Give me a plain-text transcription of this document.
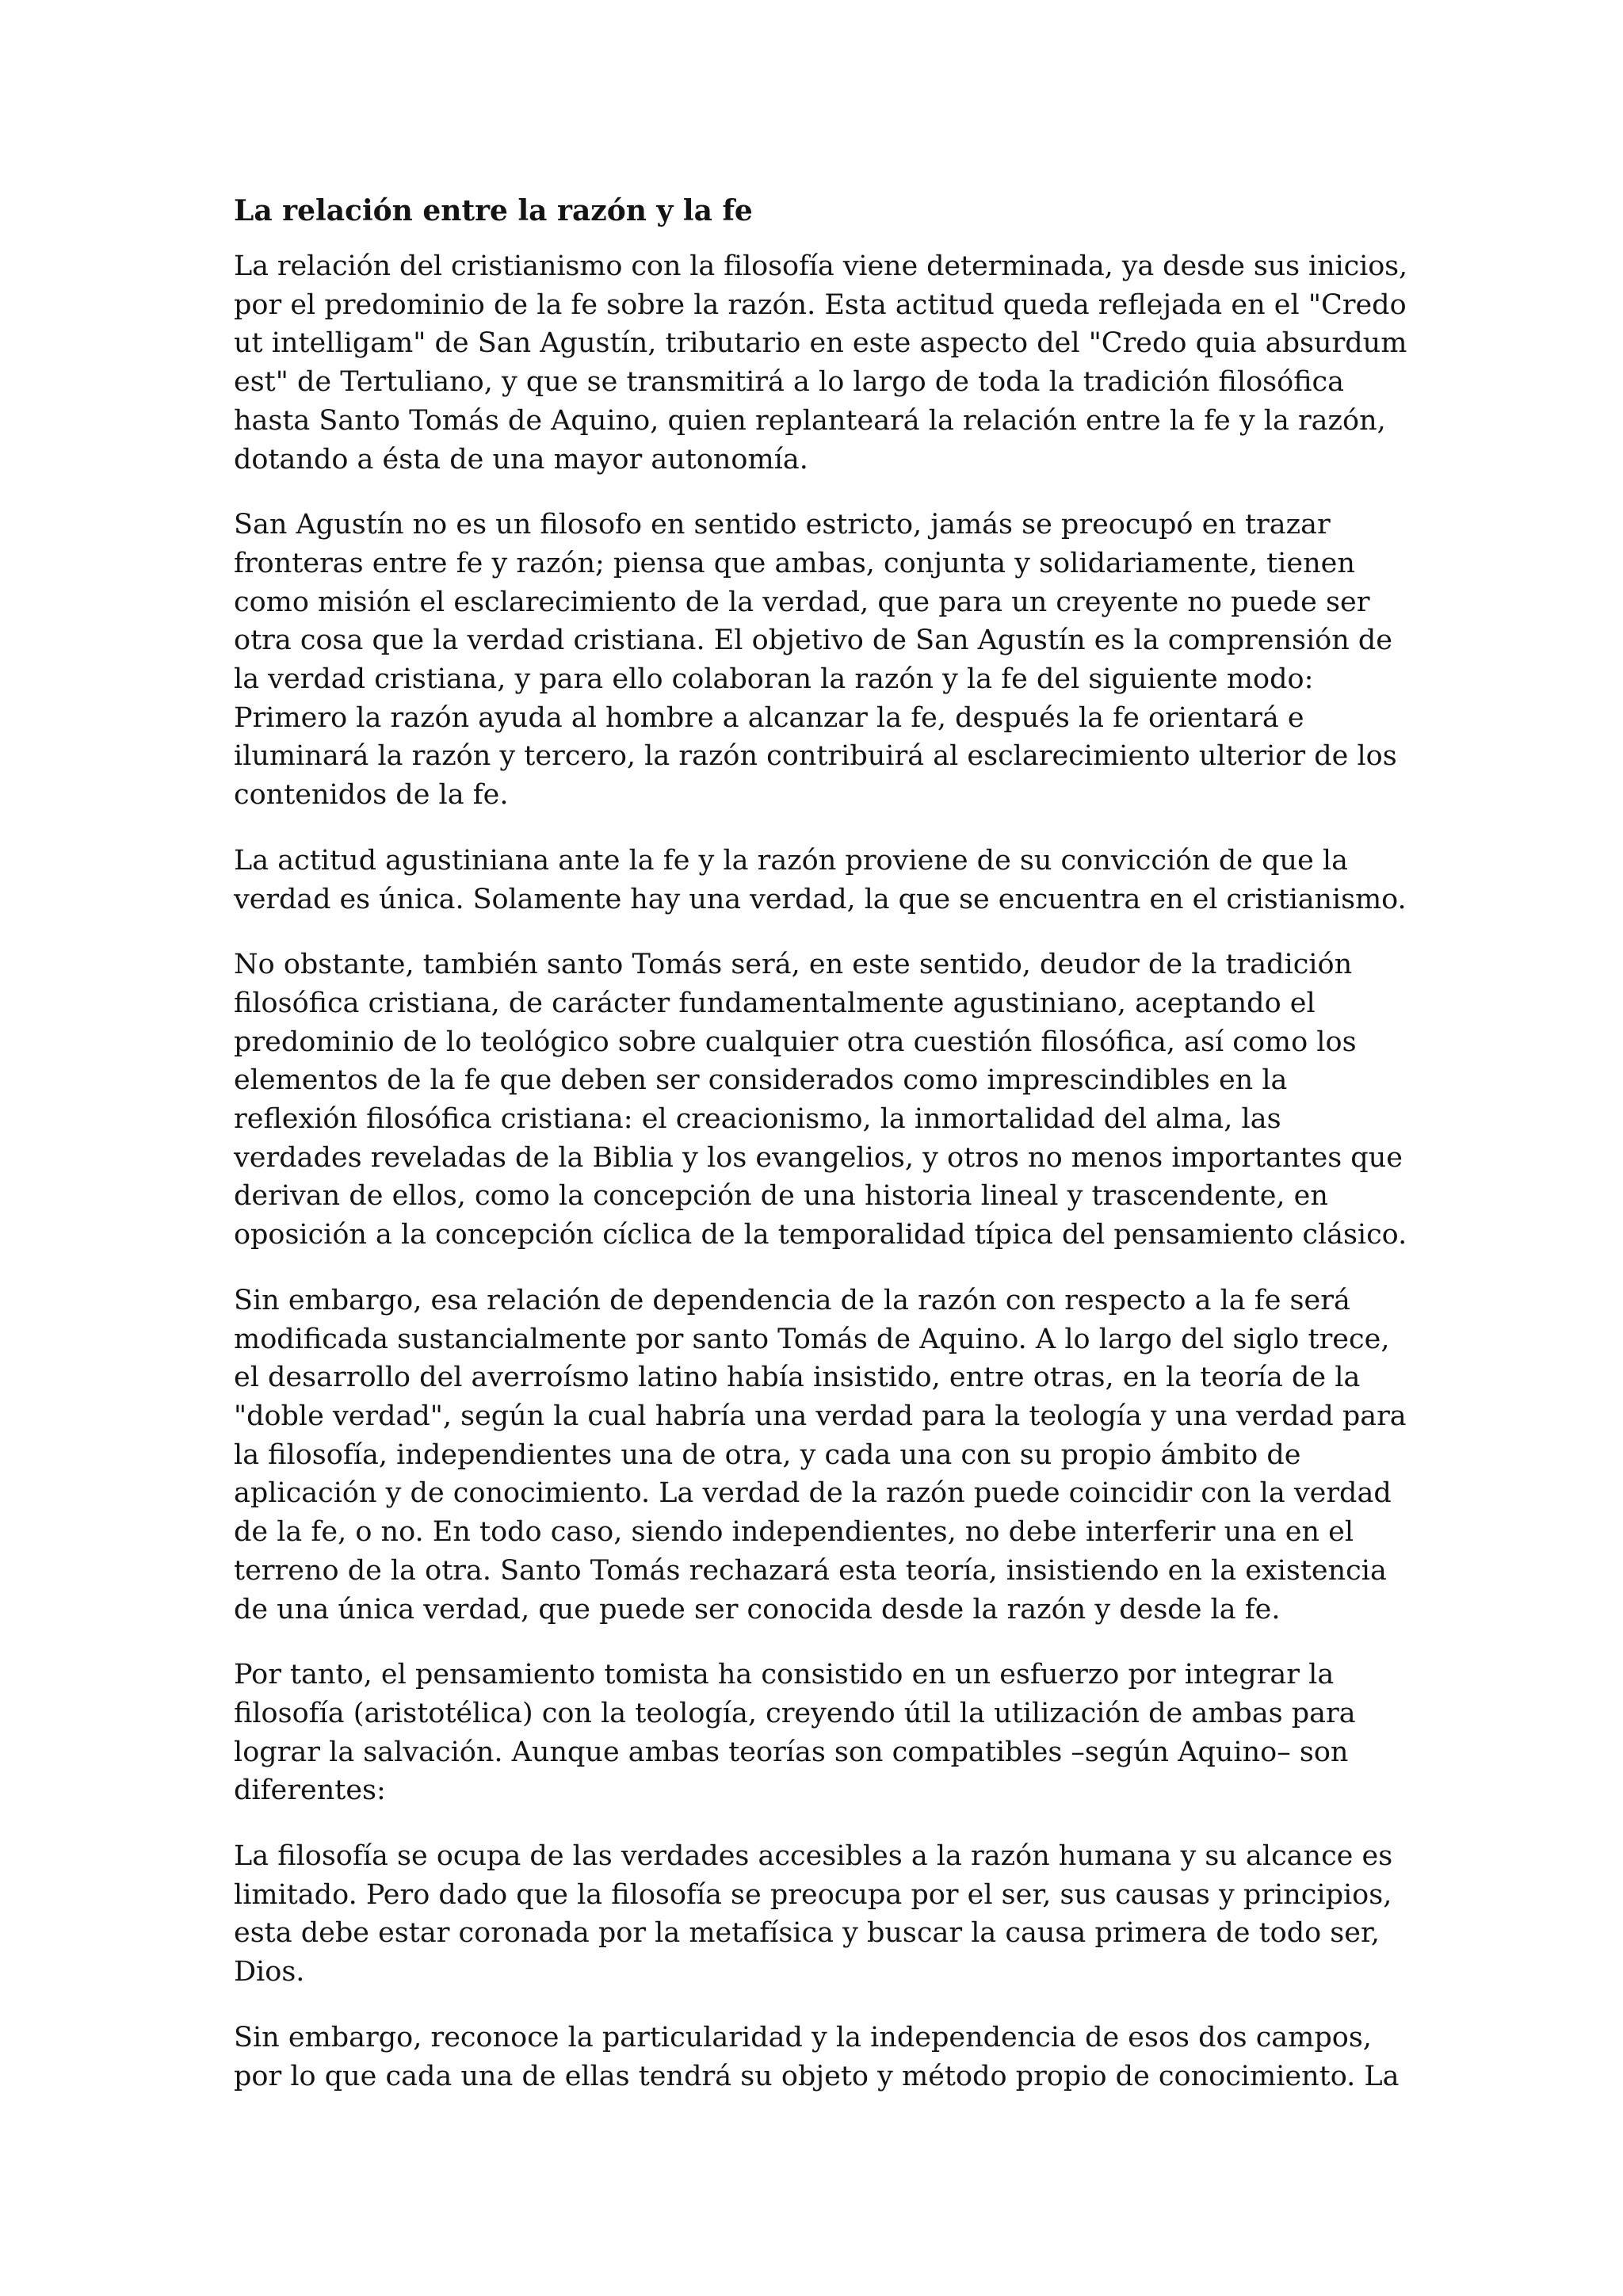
La relación entre la razón y la fe

La relación del cristianismo con la filosofía viene determinada, ya desde sus inicios,
por el predominio de la fe sobre la razón. Esta actitud queda reflejada en el "Credo
ut intelligam" de San Agustín, tributario en este aspecto del "Credo quia absurdum
est" de Tertuliano, y que se transmitirá a lo largo de toda la tradición filosófica
hasta Santo Tomás de Aquino, quien replanteará la relación entre la fe y la razón,
dotando a ésta de una mayor autonomía.

San Agustín no es un filosofo en sentido estricto, jamás se preocupó en trazar
fronteras entre fe y razón; piensa que ambas, conjunta y solidariamente, tienen
como misión el esclarecimiento de la verdad, que para un creyente no puede ser
otra cosa que la verdad cristiana. El objetivo de San Agustín es la comprensión de
la verdad cristiana, y para ello colaboran la razón y la fe del siguiente modo:
Primero la razón ayuda al hombre a alcanzar la fe, después la fe orientará e
iluminará la razón y tercero, la razón contribuirá al esclarecimiento ulterior de los
contenidos de la fe.

La actitud agustiniana ante la fe y la razón proviene de su convicción de que la
verdad es única. Solamente hay una verdad, la que se encuentra en el cristianismo.

No obstante, también santo Tomás será, en este sentido, deudor de la tradición
filosófica cristiana, de carácter fundamentalmente agustiniano, aceptando el
predominio de lo teológico sobre cualquier otra cuestión filosófica, así como los
elementos de la fe que deben ser considerados como imprescindibles en la
reflexión filosófica cristiana: el creacionismo, la inmortalidad del alma, las
verdades reveladas de la Biblia y los evangelios, y otros no menos importantes que
derivan de ellos, como la concepción de una historia lineal y trascendente, en
oposición a la concepción cíclica de la temporalidad típica del pensamiento clásico.

Sin embargo, esa relación de dependencia de la razón con respecto a la fe será
modificada sustancialmente por santo Tomás de Aquino. A lo largo del siglo trece,
el desarrollo del averroísmo latino había insistido, entre otras, en la teoría de la
"doble verdad", según la cual habría una verdad para la teología y una verdad para
la filosofía, independientes una de otra, y cada una con su propio ámbito de
aplicación y de conocimiento. La verdad de la razón puede coincidir con la verdad
de la fe, o no. En todo caso, siendo independientes, no debe interferir una en el
terreno de la otra. Santo Tomás rechazará esta teoría, insistiendo en la existencia
de una única verdad, que puede ser conocida desde la razón y desde la fe.

Por tanto, el pensamiento tomista ha consistido en un esfuerzo por integrar la
filosofía (aristotélica) con la teología, creyendo útil la utilización de ambas para
lograr la salvación. Aunque ambas teorías son compatibles –según Aquino– son
diferentes:

La filosofía se ocupa de las verdades accesibles a la razón humana y su alcance es
limitado. Pero dado que la filosofía se preocupa por el ser, sus causas y principios,
esta debe estar coronada por la metafísica y buscar la causa primera de todo ser,
Dios.

Sin embargo, reconoce la particularidad y la independencia de esos dos campos,
por lo que cada una de ellas tendrá su objeto y método propio de conocimiento. La
